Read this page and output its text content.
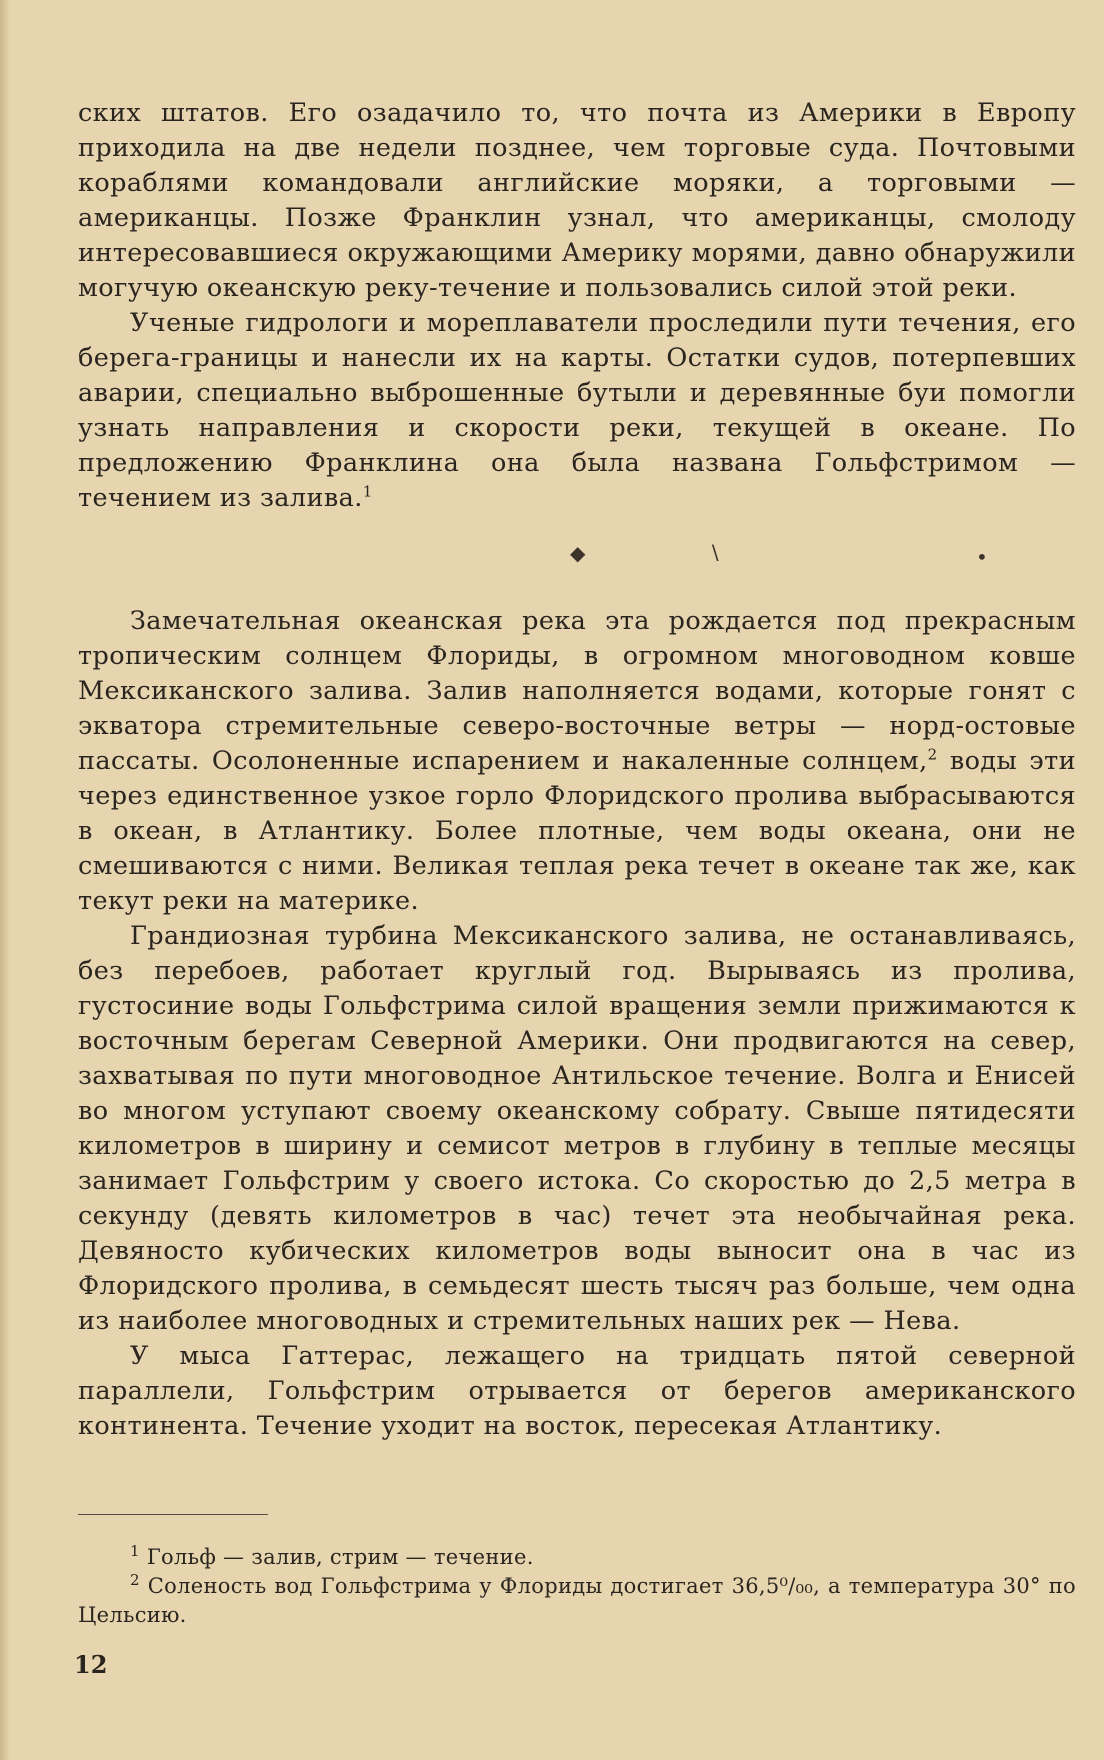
ских штатов. Его озадачило то, что почта из Америки в Европу приходила на две недели позднее, чем торговые суда. Почтовыми кораблями командовали английские моряки, а торговыми — американцы. Позже Франклин узнал, что американцы, смолоду интересовавшиеся окружающими Америку морями, давно обнаружили могучую океанскую реку-течение и пользовались силой этой реки.

Ученые гидрологи и мореплаватели проследили пути течения, его берега-границы и нанесли их на карты. Остатки судов, потерпевших аварии, специально выброшенные бутыли и деревянные буи помогли узнать направления и скорости реки, текущей в океане. По предложению Франклина она была названа Гольфстримом — течением из залива.$^1$

◆	∖	•

Замечательная океанская река эта рождается под прекрасным тропическим солнцем Флориды, в огромном многоводном ковше Мексиканского залива. Залив наполняется водами, которые гонят с экватора стремительные северо-восточные ветры — норд-остовые пассаты. Осолоненные испарением и накаленные солнцем,$^2$ воды эти через единственное узкое горло Флоридского пролива выбрасываются в океан, в Атлантику. Более плотные, чем воды океана, они не смешиваются с ними. Великая теплая река течет в океане так же, как текут реки на материке.

Грандиозная турбина Мексиканского залива, не останавливаясь, без перебоев, работает круглый год. Вырываясь из пролива, густосиние воды Гольфстрима силой вращения земли прижимаются к восточным берегам Северной Америки. Они продвигаются на север, захватывая по пути многоводное Антильское течение. Волга и Енисей во многом уступают своему океанскому собрату. Свыше пятидесяти километров в ширину и семисот метров в глубину в теплые месяцы занимает Гольфстрим у своего истока. Со скоростью до 2,5 метра в секунду (девять километров в час) течет эта необычайная река. Девяносто кубических километров воды выносит она в час из Флоридского пролива, в семьдесят шесть тысяч раз больше, чем одна из наиболее многоводных и стремительных наших рек — Нева.

У мыса Гаттерас, лежащего на тридцать пятой северной параллели, Гольфстрим отрывается от берегов американского континента. Течение уходит на восток, пересекая Атлантику.

$^1$ Гольф — залив, стрим — течение.

$^2$ Соленость вод Гольфстрима у Флориды достигает 36,5⁰/₀₀, а температура 30° по Цельсию.

12
